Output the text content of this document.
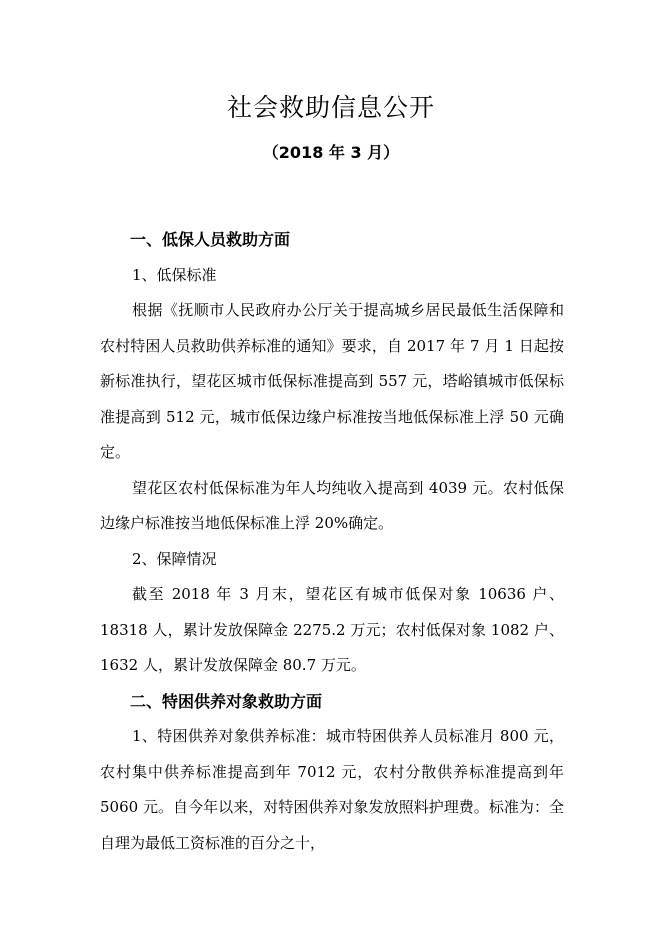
社会救助信息公开
（2018 年 3 月）

一、低保人员救助方面

1、低保标准

根据《抚顺市人民政府办公厅关于提高城乡居民最低生活保障和农村特困人员救助供养标准的通知》要求，自 2017 年 7 月 1 日起按新标准执行，望花区城市低保标准提高到 557 元，塔峪镇城市低保标准提高到 512 元，城市低保边缘户标准按当地低保标准上浮 50 元确定。

望花区农村低保标准为年人均纯收入提高到 4039 元。农村低保边缘户标准按当地低保标准上浮 20%确定。

2、保障情况

截至 2018 年 3 月末，望花区有城市低保对象 10636 户、18318 人，累计发放保障金 2275.2 万元；农村低保对象 1082 户、1632 人，累计发放保障金 80.7 万元。

二、特困供养对象救助方面

1、特困供养对象供养标准：城市特困供养人员标准月 800 元，农村集中供养标准提高到年 7012 元，农村分散供养标准提高到年 5060 元。自今年以来，对特困供养对象发放照料护理费。标准为：全自理为最低工资标准的百分之十，
